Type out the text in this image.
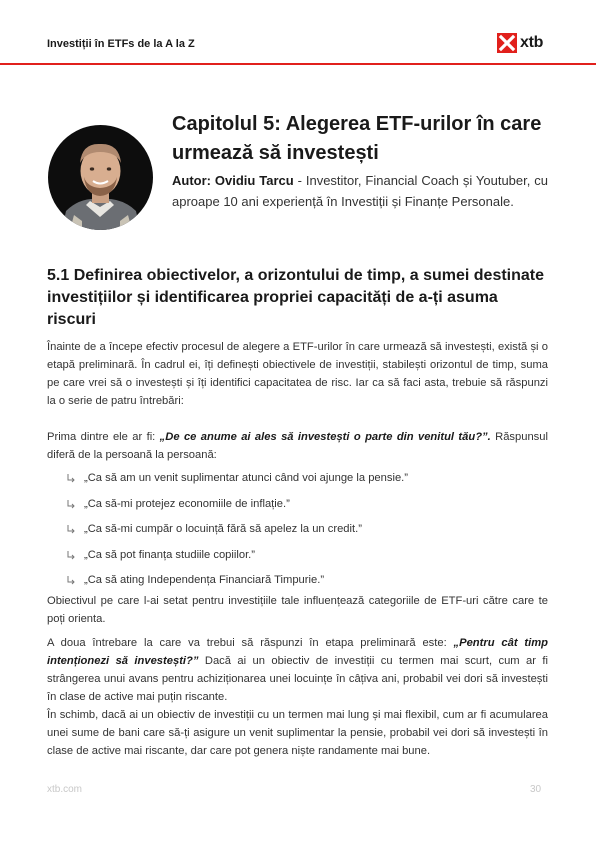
Investiții în ETFs de la A la Z	xtb
Capitolul 5: Alegerea ETF-urilor în care urmează să investești

Autor: Ovidiu Tarcu - Investitor, Financial Coach și Youtuber, cu aproape 10 ani experiență în Investiții și Finanțe Personale.

5.1 Definirea obiectivelor, a orizontului de timp, a sumei destinate investițiilor și identificarea propriei capacități de a-ți asuma riscuri

Înainte de a începe efectiv procesul de alegere a ETF-urilor în care urmează să investești, există și o etapă preliminară. În cadrul ei, îți definești obiectivele de investiții, stabilești orizontul de timp, suma pe care vrei să o investești și îți identifici capacitatea de risc. Iar ca să faci asta, trebuie să răspunzi la o serie de patru întrebări:

Prima dintre ele ar fi: „De ce anume ai ales să investești o parte din venitul tău?”. Răspunsul diferă de la persoană la persoană:

„Ca să am un venit suplimentar atunci când voi ajunge la pensie.”
„Ca să-mi protejez economiile de inflație.”
„Ca să-mi cumpăr o locuință fără să apelez la un credit.”
„Ca să pot finanța studiile copiilor.”
„Ca să ating Independența Financiară Timpurie.”

Obiectivul pe care l-ai setat pentru investițiile tale influențează categoriile de ETF-uri către care te poți orienta.

A doua întrebare la care va trebui să răspunzi în etapa preliminară este: „Pentru cât timp intenționezi să investești?” Dacă ai un obiectiv de investiții cu termen mai scurt, cum ar fi strângerea unui avans pentru achiziționarea unei locuințe în câțiva ani, probabil vei dori să investești în clase de active mai puțin riscante.

În schimb, dacă ai un obiectiv de investiții cu un termen mai lung și mai flexibil, cum ar fi acumularea unei sume de bani care să-ți asigure un venit suplimentar la pensie, probabil vei dori să investești în clase de active mai riscante, dar care pot genera niște randamente mai bune.

xtb.com	30
